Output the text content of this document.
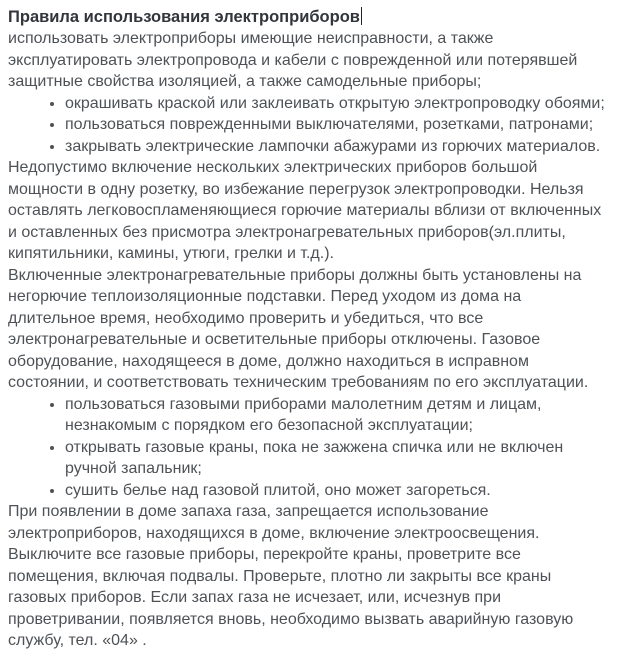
Правила использования электроприборов

использовать электроприборы имеющие неисправности, а также  эксплуатировать электропровода и кабели с поврежденной или потерявшей защитные свойства изоляцией, а также самодельные приборы;

• окрашивать краской или заклеивать открытую электропроводку обоями;
• пользоваться поврежденными выключателями, розетками, патронами;
• закрывать электрические лампочки абажурами из горючих материалов.

Недопустимо включение нескольких электрических приборов большой мощности в одну розетку, во избежание перегрузок электропроводки. Нельзя оставлять легковоспламеняющиеся горючие материалы вблизи от включенных и оставленных без присмотра электронагревательных приборов(эл.плиты, кипятильники, камины, утюги, грелки и т.д.).

Включенные электронагревательные приборы должны быть установлены на негорючие теплоизоляционные подставки. Перед уходом из дома на длительное время, необходимо проверить и убедиться, что все электронагревательные и осветительные приборы отключены. Газовое оборудование, находящееся в доме, должно находиться в исправном состоянии, и соответствовать техническим требованиям по его эксплуатации.

• пользоваться газовыми приборами малолетним детям и лицам, незнакомым с порядком его безопасной эксплуатации;
• открывать газовые краны, пока не зажжена спичка или не включен ручной запальник;
• сушить белье над газовой плитой, оно может загореться.

При появлении в доме запаха газа, запрещается использование электроприборов, находящихся в доме, включение электроосвещения. Выключите все газовые приборы, перекройте краны, проветрите все помещения, включая подвалы. Проверьте, плотно ли закрыты все краны газовых приборов. Если запах газа не исчезает, или, исчезнув при проветривании, появляется вновь, необходимо вызвать аварийную газовую службу, тел. «04» .
